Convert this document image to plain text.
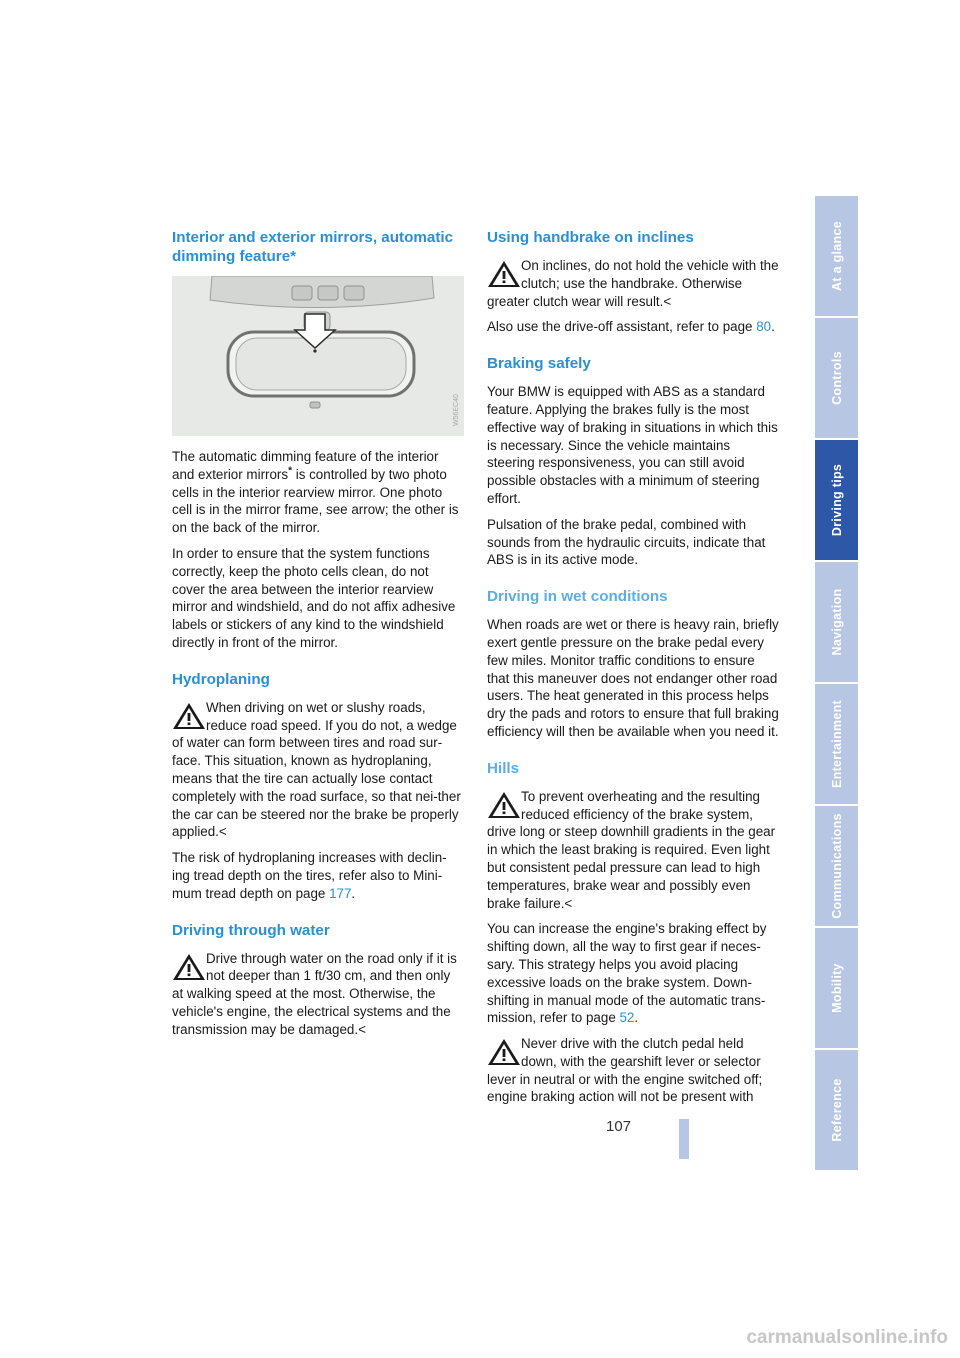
Interior and exterior mirrors, automatic dimming feature*
W56EC40

The automatic dimming feature of the interior and exterior mirrors* is controlled by two photo cells in the interior rearview mirror. One photo cell is in the mirror frame, see arrow; the other is on the back of the mirror.

In order to ensure that the system functions correctly, keep the photo cells clean, do not cover the area between the interior rearview mirror and windshield, and do not affix adhesive labels or stickers of any kind to the windshield directly in front of the mirror.

Hydroplaning

When driving on wet or slushy roads, reduce road speed. If you do not, a wedge of water can form between tires and road sur-face. This situation, known as hydroplaning, means that the tire can actually lose contact completely with the road surface, so that nei-ther the car can be steered nor the brake be properly applied.<

The risk of hydroplaning increases with declin-ing tread depth on the tires, refer also to Mini-mum tread depth on page 177.

Driving through water

Drive through water on the road only if it is not deeper than 1 ft/30 cm, and then only at walking speed at the most. Otherwise, the vehicle's engine, the electrical systems and the transmission may be damaged.<

Using handbrake on inclines

On inclines, do not hold the vehicle with the clutch; use the handbrake. Otherwise greater clutch wear will result.<

Also use the drive-off assistant, refer to page 80.

Braking safely

Your BMW is equipped with ABS as a standard feature. Applying the brakes fully is the most effective way of braking in situations in which this is necessary. Since the vehicle maintains steering responsiveness, you can still avoid possible obstacles with a minimum of steering effort.

Pulsation of the brake pedal, combined with sounds from the hydraulic circuits, indicate that ABS is in its active mode.

Driving in wet conditions

When roads are wet or there is heavy rain, briefly exert gentle pressure on the brake pedal every few miles. Monitor traffic conditions to ensure that this maneuver does not endanger other road users. The heat generated in this process helps dry the pads and rotors to ensure that full braking efficiency will then be available when you need it.

Hills

To prevent overheating and the resulting reduced efficiency of the brake system, drive long or steep downhill gradients in the gear in which the least braking is required. Even light but consistent pedal pressure can lead to high temperatures, brake wear and possibly even brake failure.<

You can increase the engine's braking effect by shifting down, all the way to first gear if neces-sary. This strategy helps you avoid placing excessive loads on the brake system. Down-shifting in manual mode of the automatic trans-mission, refer to page 52.

Never drive with the clutch pedal held down, with the gearshift lever or selector lever in neutral or with the engine switched off; engine braking action will not be present with

At a glance
Controls
Driving tips
Navigation
Entertainment
Communications
Mobility
Reference
107
carmanualsonline.info
